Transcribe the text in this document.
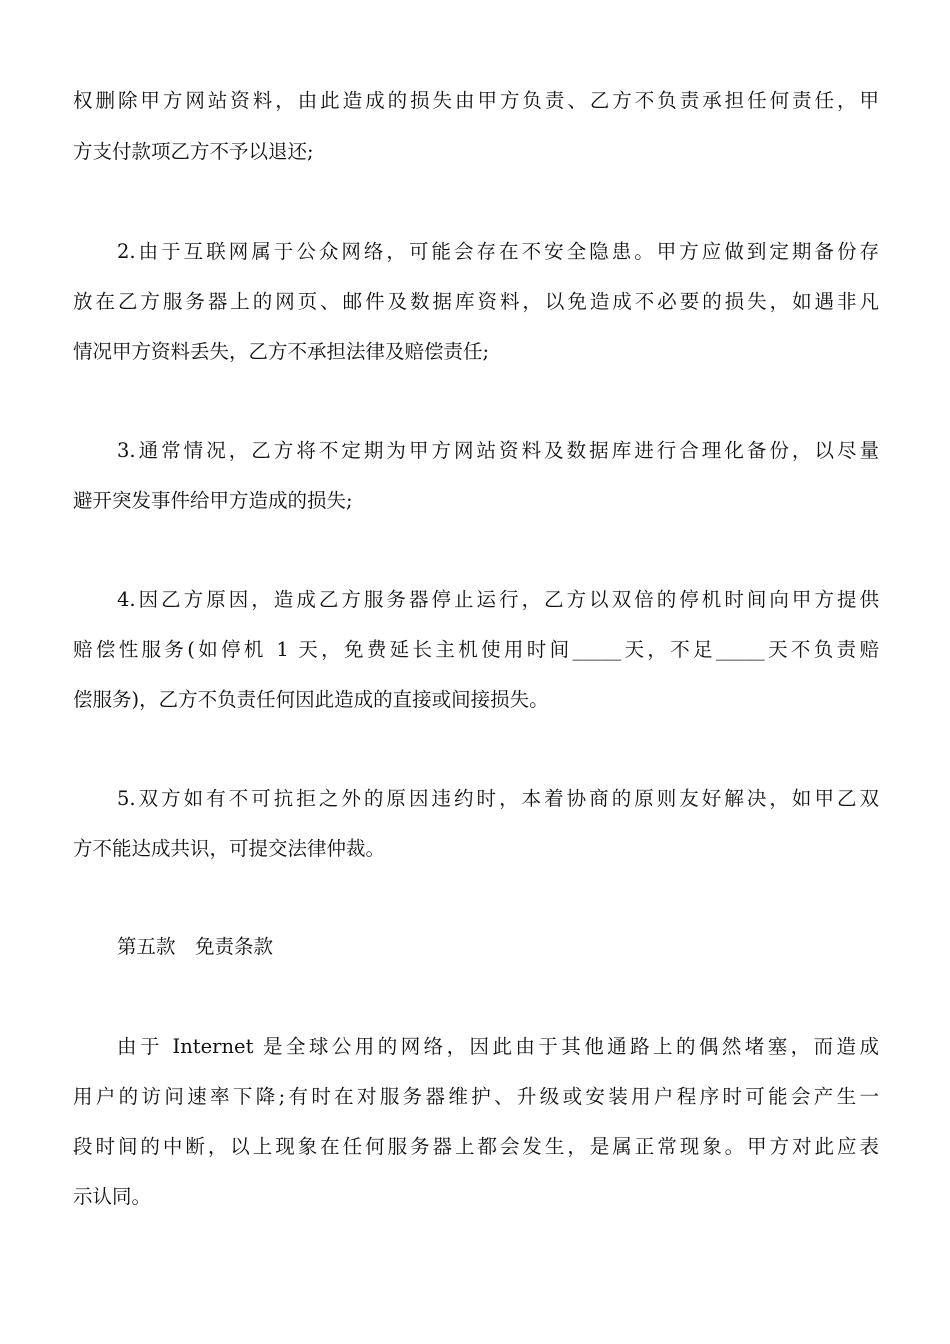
权删除甲方网站资料，由此造成的损失由甲方负责、乙方不负责承担任何责任，甲
方支付款项乙方不予以退还;
2.由于互联网属于公众网络，可能会存在不安全隐患。甲方应做到定期备份存
放在乙方服务器上的网页、邮件及数据库资料，以免造成不必要的损失，如遇非凡
情况甲方资料丢失，乙方不承担法律及赔偿责任;
3.通常情况，乙方将不定期为甲方网站资料及数据库进行合理化备份，以尽量
避开突发事件给甲方造成的损失;
4.因乙方原因，造成乙方服务器停止运行，乙方以双倍的停机时间向甲方提供
赔偿性服务(如停机 1 天，免费延长主机使用时间_____天，不足_____天不负责赔
偿服务)，乙方不负责任何因此造成的直接或间接损失。
5.双方如有不可抗拒之外的原因违约时，本着协商的原则友好解决，如甲乙双
方不能达成共识，可提交法律仲裁。
第五款　免责条款
由于 Internet 是全球公用的网络，因此由于其他通路上的偶然堵塞，而造成
用户的访问速率下降;有时在对服务器维护、升级或安装用户程序时可能会产生一
段时间的中断，以上现象在任何服务器上都会发生，是属正常现象。甲方对此应表
示认同。
